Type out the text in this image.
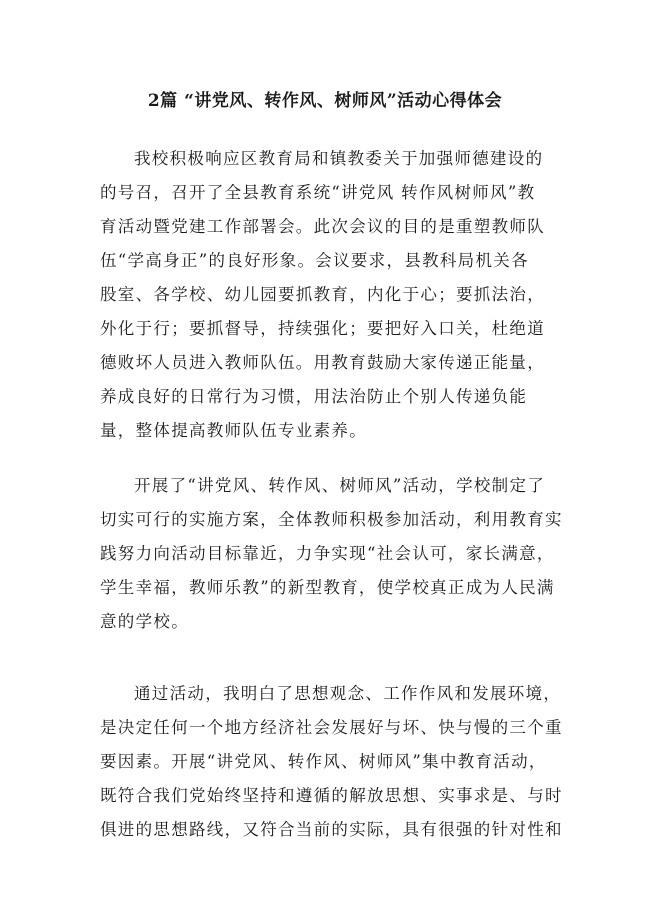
2篇 “讲党风、转作风、树师风”活动心得体会

我校积极响应区教育局和镇教委关于加强师德建设的

的号召，召开了全县教育系统“讲党风 转作风树师风”教

育活动暨党建工作部署会。此次会议的目的是重塑教师队

伍“学高身正”的良好形象。会议要求，县教科局机关各

股室、各学校、幼儿园要抓教育，内化于心；要抓法治，

外化于行；要抓督导，持续强化；要把好入口关，杜绝道

德败坏人员进入教师队伍。用教育鼓励大家传递正能量，

养成良好的日常行为习惯，用法治防止个别人传递负能

量，整体提高教师队伍专业素养。

开展了“讲党风、转作风、树师风”活动，学校制定了

切实可行的实施方案，全体教师积极参加活动，利用教育实

践努力向活动目标靠近，力争实现“社会认可，家长满意，

学生幸福，教师乐教”的新型教育，使学校真正成为人民满

意的学校。

通过活动，我明白了思想观念、工作作风和发展环境，

是决定任何一个地方经济社会发展好与坏、快与慢的三个重

要因素。开展“讲党风、转作风、树师风”集中教育活动，

既符合我们党始终坚持和遵循的解放思想、实事求是、与时

俱进的思想路线，又符合当前的实际，具有很强的针对性和
